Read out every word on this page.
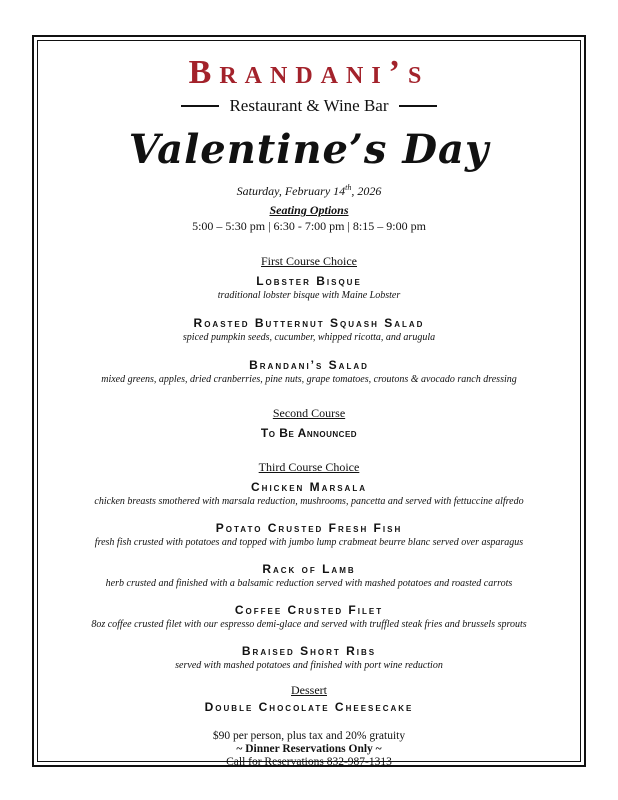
Brandani’s
Restaurant & Wine Bar
Valentine’s Day
Saturday, February 14th, 2026
Seating Options
5:00 – 5:30 pm | 6:30 - 7:00 pm | 8:15 – 9:00 pm
First Course Choice
Lobster Bisque
traditional lobster bisque with Maine Lobster
Roasted Butternut Squash Salad
spiced pumpkin seeds, cucumber, whipped ricotta, and arugula
Brandani’s Salad
mixed greens, apples, dried cranberries, pine nuts, grape tomatoes, croutons & avocado ranch dressing
Second Course
To Be Announced
Third Course Choice
Chicken Marsala
chicken breasts smothered with marsala reduction, mushrooms, pancetta and served with fettuccine alfredo
Potato Crusted Fresh Fish
fresh fish crusted with potatoes and topped with jumbo lump crabmeat beurre blanc served over asparagus
Rack of Lamb
herb crusted and finished with a balsamic reduction served with mashed potatoes and roasted carrots
Coffee Crusted Filet
8oz coffee crusted filet with our espresso demi-glace and served with truffled steak fries and brussels sprouts
Braised Short Ribs
served with mashed potatoes and finished with port wine reduction
Dessert
Double Chocolate Cheesecake
$90 per person, plus tax and 20% gratuity
~ Dinner Reservations Only ~
Call for Reservations 832-987-1313
